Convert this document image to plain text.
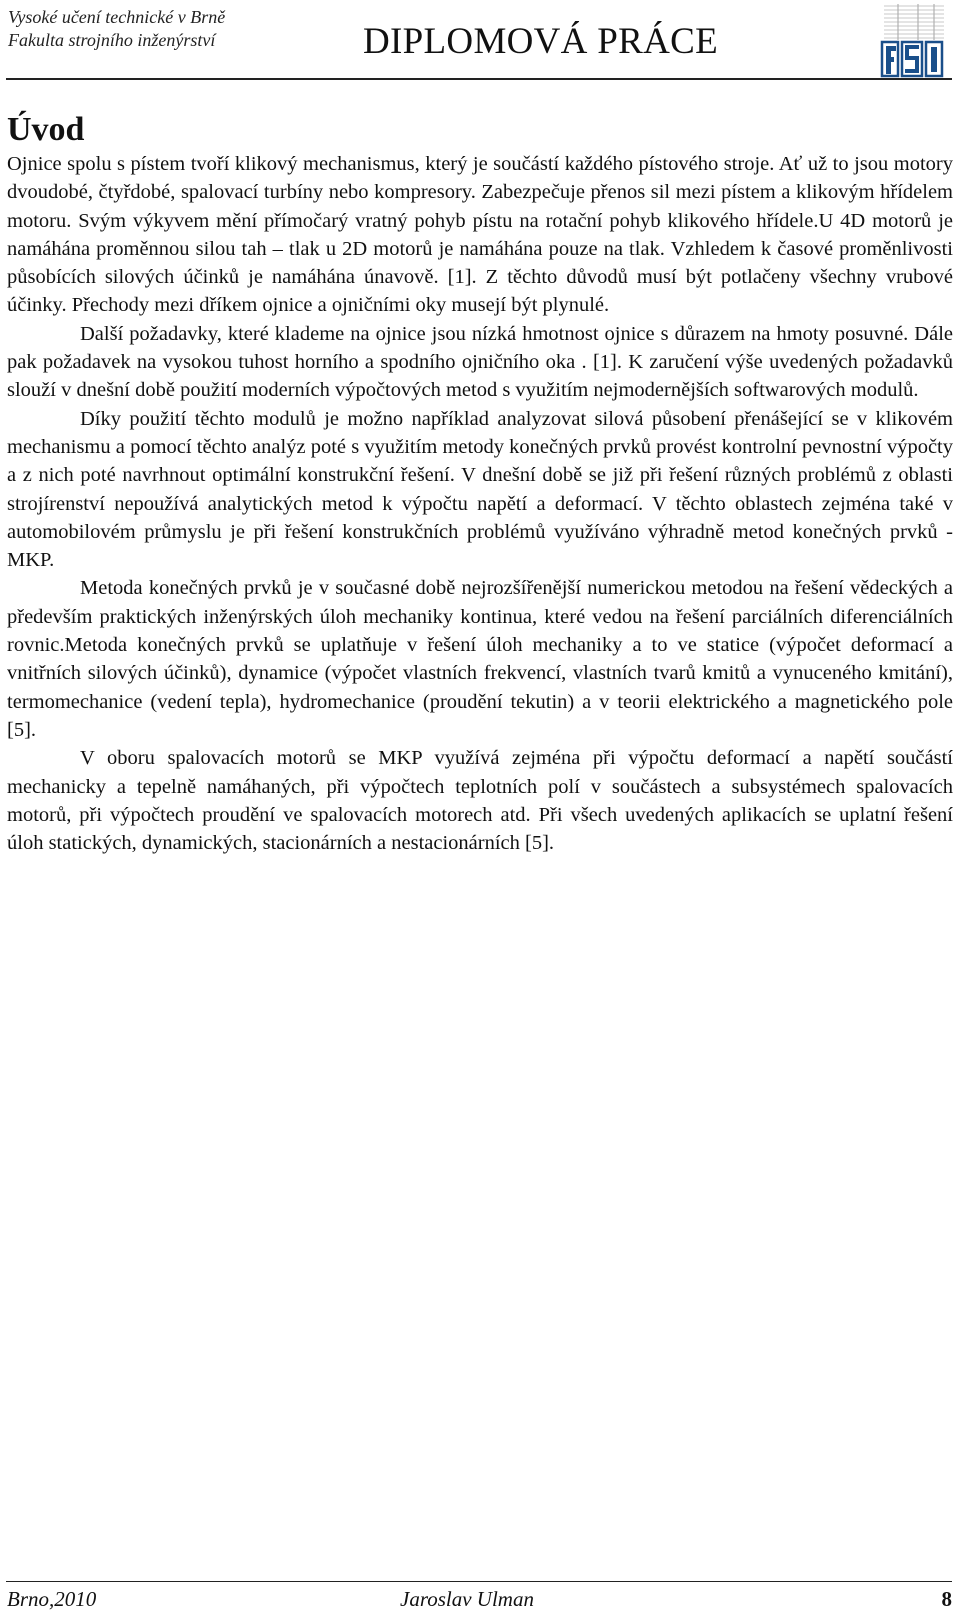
Vysoké učení technické v Brně
Fakulta strojního inženýrství	DIPLOMOVÁ PRÁCE
Úvod

Ojnice spolu s pístem tvoří klikový mechanismus, který je součástí každého pístového stroje. Ať už to jsou motory dvoudobé, čtyřdobé, spalovací turbíny nebo kompresory. Zabezpečuje přenos sil mezi pístem a klikovým hřídelem motoru. Svým výkyvem mění přímočarý vratný pohyb pístu na rotační pohyb klikového hřídele.U 4D motorů je namáhána proměnnou silou tah – tlak u 2D motorů je namáhána pouze na tlak. Vzhledem k časové proměnlivosti působících silových účinků je namáhána únavově. [1]. Z těchto důvodů musí být potlačeny všechny vrubové účinky. Přechody mezi dříkem ojnice a ojničními oky musejí být plynulé.

Další požadavky, které klademe na ojnice jsou nízká hmotnost ojnice s důrazem na hmoty posuvné. Dále pak požadavek na vysokou tuhost horního a spodního ojničního oka . [1]. K zaručení výše uvedených požadavků slouží v dnešní době použití moderních výpočtových metod s využitím nejmodernějších softwarových modulů.

Díky použití těchto modulů je možno například analyzovat silová působení přenášející se v klikovém mechanismu a pomocí těchto analýz poté s využitím metody konečných prvků provést kontrolní pevnostní výpočty a z nich poté navrhnout optimální konstrukční řešení. V dnešní době se již při řešení různých problémů z oblasti strojírenství nepoužívá analytických metod k výpočtu napětí a deformací. V těchto oblastech zejména také v automobilovém průmyslu je při řešení konstrukčních problémů využíváno výhradně metod konečných prvků - MKP.

Metoda konečných prvků je v současné době nejrozšířenější numerickou metodou na řešení vědeckých a především praktických inženýrských úloh mechaniky kontinua, které vedou na řešení parciálních diferenciálních rovnic.Metoda konečných prvků se uplatňuje v řešení úloh mechaniky a to ve statice (výpočet deformací a vnitřních silových účinků), dynamice (výpočet vlastních frekvencí, vlastních tvarů kmitů a vynuceného kmitání), termomechanice (vedení tepla), hydromechanice (proudění tekutin) a v teorii elektrického a magnetického pole [5].

V oboru spalovacích motorů se MKP využívá zejména při výpočtu deformací a napětí součástí mechanicky a tepelně namáhaných, při výpočtech teplotních polí v součástech a subsystémech spalovacích motorů, při výpočtech proudění ve spalovacích motorech atd. Při všech uvedených aplikacích se uplatní řešení úloh statických, dynamických, stacionárních a nestacionárních [5].

Brno,2010	Jaroslav Ulman	8
